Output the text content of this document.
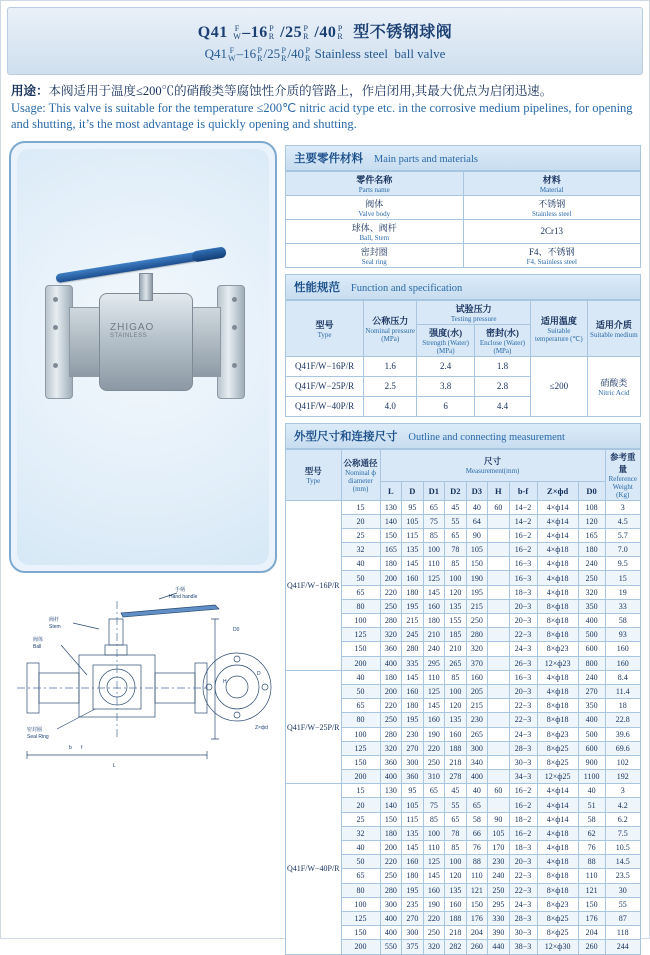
Q41 F
W –16 P
R /25 P
R /40 P
R 型不锈钢球阀
Q41 F
W –16 P
R /25 P
R /40 P
R Stainless steel  ball valve
用途：本阀适用于温度≤200℃的硝酸类等腐蚀性介质的管路上，作启闭用,其最大优点为启闭迅速。
Usage: This valve is suitable for the temperature ≤200℃ nitric acid type etc. in the corrosive medium pipelines, for opening and shutting, it’s the most advantage is quickly opening and shutting.
ZHIGAO
STAINLESS
手柄
Hand handle
阀杆
Stem
阀体
Ball
密封圈
Seal Ring
L
H
D0
b f
Z×фd
D
主要零件材料 Main parts and materials
零件名称
Parts name	材料
Material

阀体
Valve body	不锈钢
Stainless steel

球体、阀杆
Ball, Stem	2Cr13
密封圈
Seal ring	F4、不锈钢
F4, Stainless steel
性能规范 Function and specification
型号
Type	公称压力
Nominal pressure (MPa)	试验压力
Testing pressure		适用温度
Suitable temperature (℃)	适用介质
Suitable medium

		强度(水)
Strength (Water) (MPa)	密封(水)
Enclose (Water) (MPa)		

Q41F/W−16P/R	1.6	2.4	1.8	≤200	硝酸类
Nitric Acid

Q41F/W−25P/R	2.5	3.8	2.8		
Q41F/W−40P/R	4.0	6	4.4		
外型尺寸和连接尺寸 Outline and connecting measurement
型号
Type	公称通径
Nominal ф diameter (mm)	尺寸
Measurement(mm)									参考重量
Reference Weight (Kg)

		L	D	D1	D2	D3	H	b-f	Z×фd	D0	
Q41F/W−16P/R	15	130	95	65	45	40	60	14−2	4×ф14	108	3
	20	140	105	75	55	64		14−2	4×ф14	120	4.5
	25	150	115	85	65	90		16−2	4×ф14	165	5.7
	32	165	135	100	78	105		16−2	4×ф18	180	7.0
	40	180	145	110	85	150		16−3	4×ф18	240	9.5
	50	200	160	125	100	190		16−3	4×ф18	250	15
	65	220	180	145	120	195		18−3	4×ф18	320	19
	80	250	195	160	135	215		20−3	8×ф18	350	33
	100	280	215	180	155	250		20−3	8×ф18	400	58
	125	320	245	210	185	280		22−3	8×ф18	500	93
	150	360	280	240	210	320		24−3	8×ф23	600	160
	200	400	335	295	265	370		26−3	12×ф23	800	160
Q41F/W−25P/R	40	180	145	110	85	160		16−3	4×ф18	240	8.4
	50	200	160	125	100	205		20−3	4×ф18	270	11.4
	65	220	180	145	120	215		22−3	8×ф18	350	18
	80	250	195	160	135	230		22−3	8×ф18	400	22.8
	100	280	230	190	160	265		24−3	8×ф23	500	39.6
	125	320	270	220	188	300		28−3	8×ф25	600	69.6
	150	360	300	250	218	340		30−3	8×ф25	900	102
	200	400	360	310	278	400		34−3	12×ф25	1100	192
Q41F/W−40P/R	15	130	95	65	45	40	60	16−2	4×ф14	40	3
	20	140	105	75	55	65		16−2	4×ф14	51	4.2
	25	150	115	85	65	58	90	18−2	4×ф14	58	6.2
	32	180	135	100	78	66	105	16−2	4×ф18	62	7.5
	40	200	145	110	85	76	170	18−3	4×ф18	76	10.5
	50	220	160	125	100	88	230	20−3	4×ф18	88	14.5
	65	250	180	145	120	110	240	22−3	8×ф18	110	23.5
	80	280	195	160	135	121	250	22−3	8×ф18	121	30
	100	300	235	190	160	150	295	24−3	8×ф23	150	55
	125	400	270	220	188	176	330	28−3	8×ф25	176	87
	150	400	300	250	218	204	390	30−3	8×ф25	204	118
	200	550	375	320	282	260	440	38−3	12×ф30	260	244
